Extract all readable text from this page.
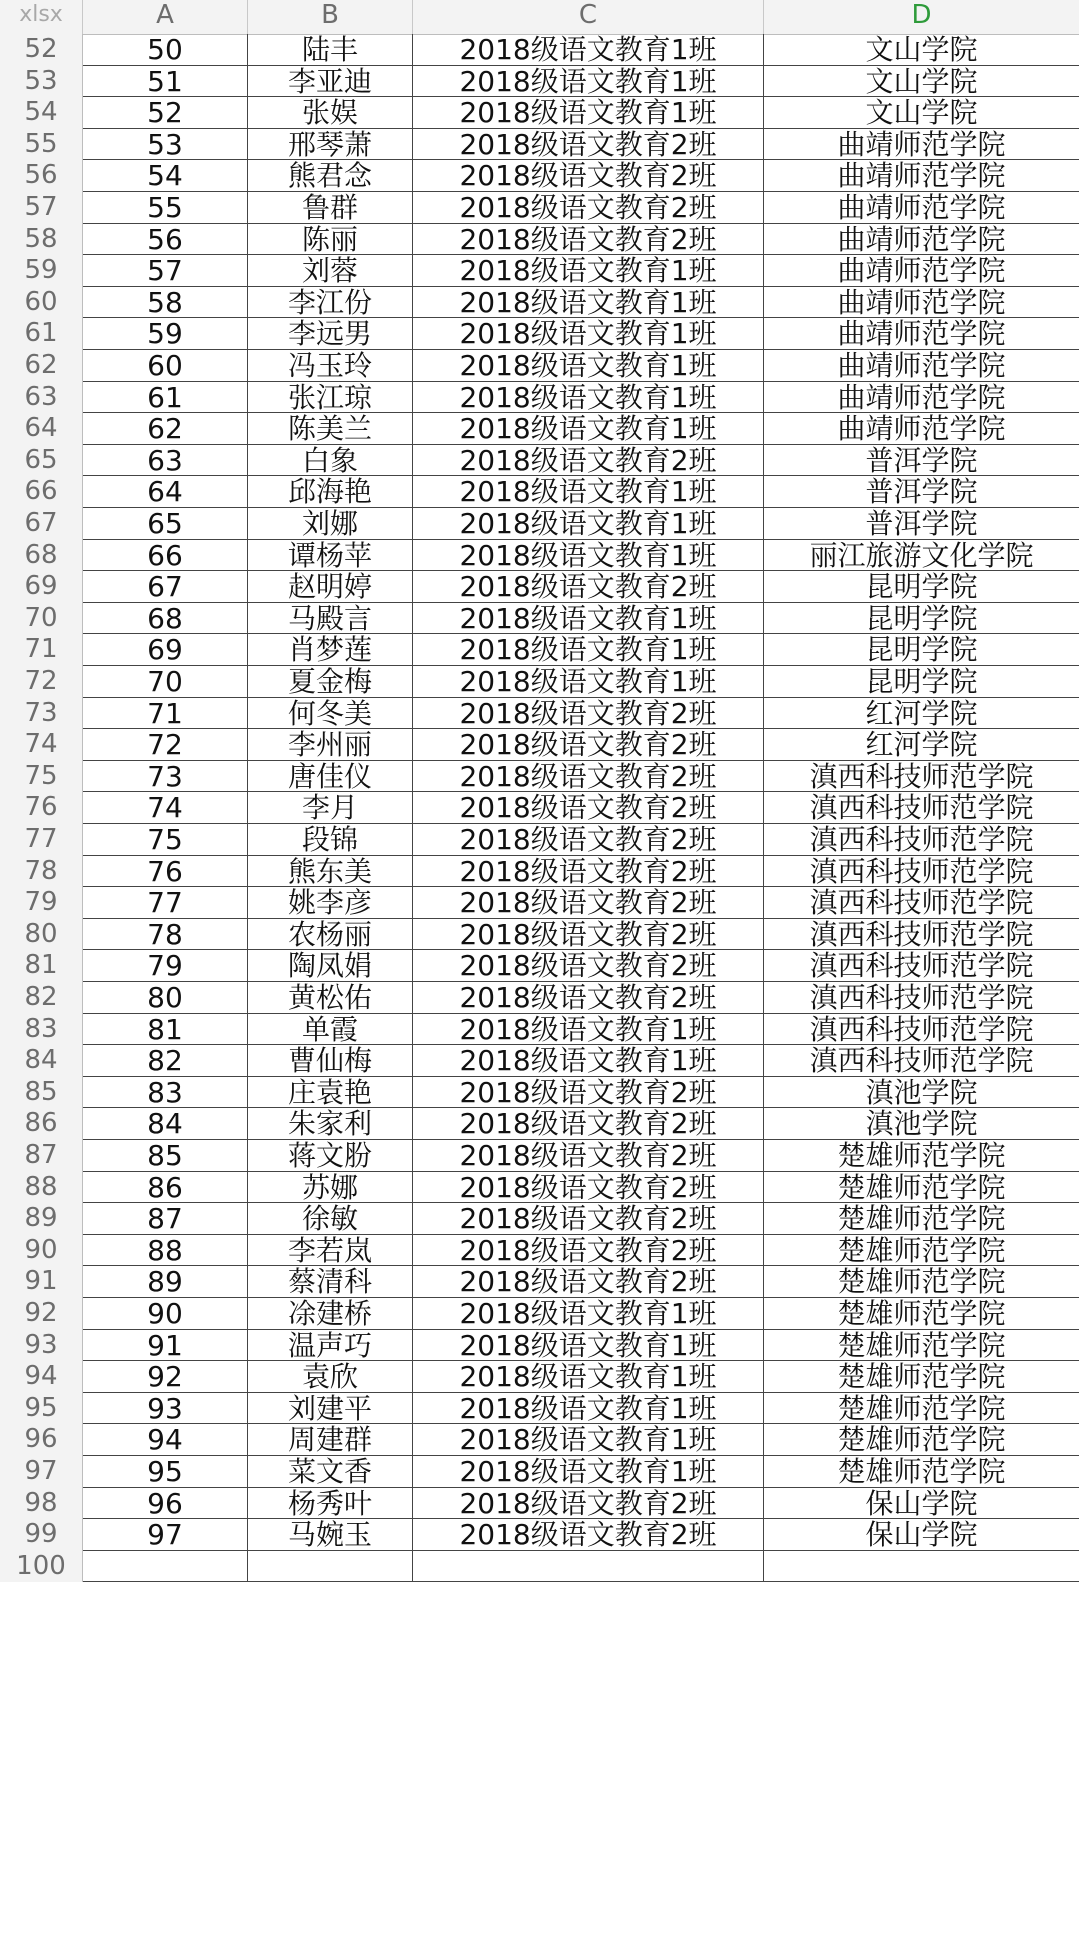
xlsx	A	B	C	D
52	50	陆丰	2018级语文教育1班	文山学院
53	51	李亚迪	2018级语文教育1班	文山学院
54	52	张娱	2018级语文教育1班	文山学院
55	53	邢琴萧	2018级语文教育2班	曲靖师范学院
56	54	熊君念	2018级语文教育2班	曲靖师范学院
57	55	鲁群	2018级语文教育2班	曲靖师范学院
58	56	陈丽	2018级语文教育2班	曲靖师范学院
59	57	刘蓉	2018级语文教育1班	曲靖师范学院
60	58	李江份	2018级语文教育1班	曲靖师范学院
61	59	李远男	2018级语文教育1班	曲靖师范学院
62	60	冯玉玲	2018级语文教育1班	曲靖师范学院
63	61	张江琼	2018级语文教育1班	曲靖师范学院
64	62	陈美兰	2018级语文教育1班	曲靖师范学院
65	63	白象	2018级语文教育2班	普洱学院
66	64	邱海艳	2018级语文教育1班	普洱学院
67	65	刘娜	2018级语文教育1班	普洱学院
68	66	谭杨苹	2018级语文教育1班	丽江旅游文化学院
69	67	赵明婷	2018级语文教育2班	昆明学院
70	68	马殿言	2018级语文教育1班	昆明学院
71	69	肖梦莲	2018级语文教育1班	昆明学院
72	70	夏金梅	2018级语文教育1班	昆明学院
73	71	何冬美	2018级语文教育2班	红河学院
74	72	李州丽	2018级语文教育2班	红河学院
75	73	唐佳仪	2018级语文教育2班	滇西科技师范学院
76	74	李月	2018级语文教育2班	滇西科技师范学院
77	75	段锦	2018级语文教育2班	滇西科技师范学院
78	76	熊东美	2018级语文教育2班	滇西科技师范学院
79	77	姚李彦	2018级语文教育2班	滇西科技师范学院
80	78	农杨丽	2018级语文教育2班	滇西科技师范学院
81	79	陶凤娟	2018级语文教育2班	滇西科技师范学院
82	80	黄松佑	2018级语文教育2班	滇西科技师范学院
83	81	单霞	2018级语文教育1班	滇西科技师范学院
84	82	曹仙梅	2018级语文教育1班	滇西科技师范学院
85	83	庄袁艳	2018级语文教育2班	滇池学院
86	84	朱家利	2018级语文教育2班	滇池学院
87	85	蒋文肦	2018级语文教育2班	楚雄师范学院
88	86	苏娜	2018级语文教育2班	楚雄师范学院
89	87	徐敏	2018级语文教育2班	楚雄师范学院
90	88	李若岚	2018级语文教育2班	楚雄师范学院
91	89	蔡清科	2018级语文教育2班	楚雄师范学院
92	90	凃建桥	2018级语文教育1班	楚雄师范学院
93	91	温声巧	2018级语文教育1班	楚雄师范学院
94	92	袁欣	2018级语文教育1班	楚雄师范学院
95	93	刘建平	2018级语文教育1班	楚雄师范学院
96	94	周建群	2018级语文教育1班	楚雄师范学院
97	95	菜文香	2018级语文教育1班	楚雄师范学院
98	96	杨秀叶	2018级语文教育2班	保山学院
99	97	马婉玉	2018级语文教育2班	保山学院
100
